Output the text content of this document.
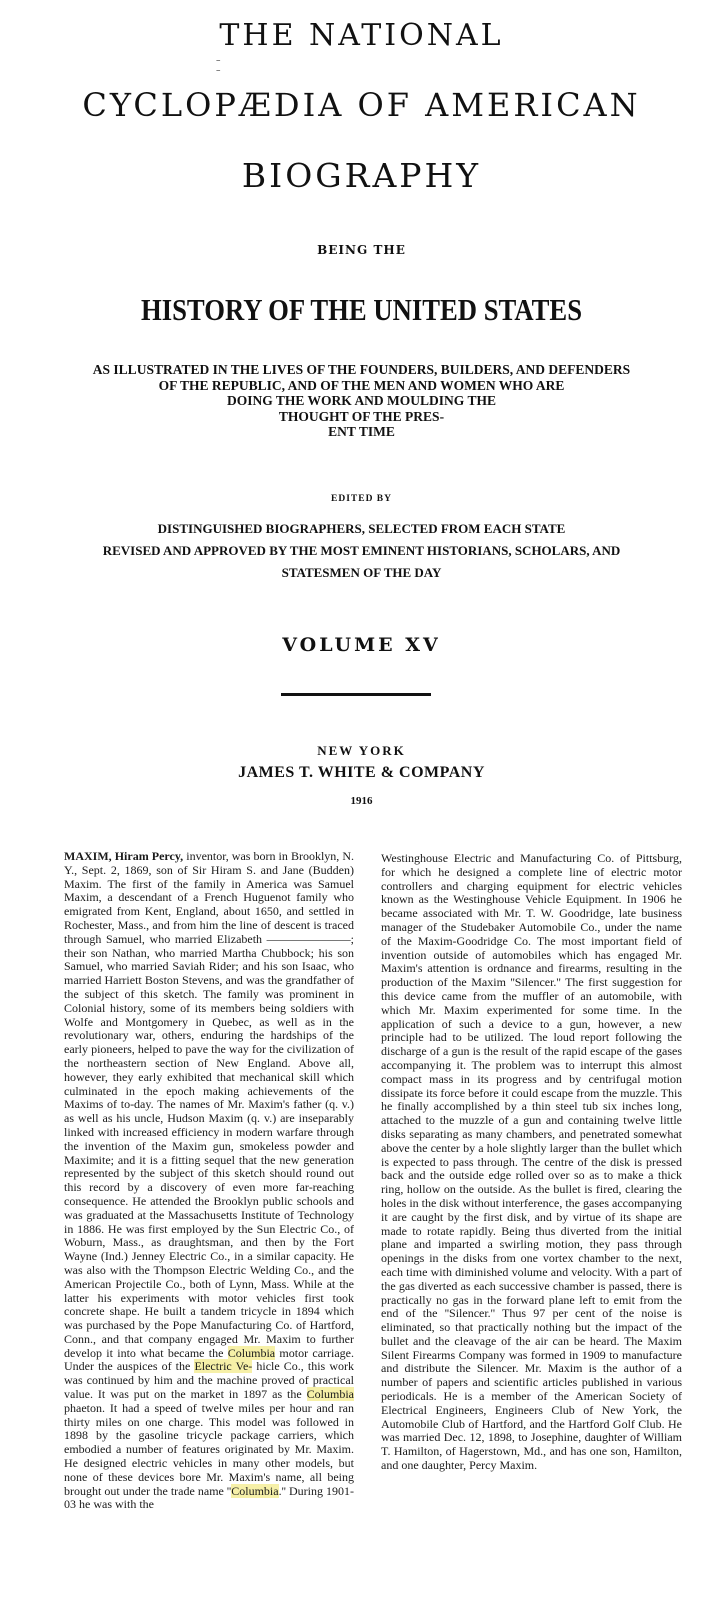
THE NATIONAL
–
–
CYCLOPÆDIA OF AMERICAN
BIOGRAPHY
BEING THE
HISTORY OF THE UNITED STATES
AS ILLUSTRATED IN THE LIVES OF THE FOUNDERS, BUILDERS, AND DEFENDERS
OF THE REPUBLIC, AND OF THE MEN AND WOMEN WHO ARE
DOING THE WORK AND MOULDING THE
THOUGHT OF THE PRES-
ENT TIME
EDITED BY
DISTINGUISHED BIOGRAPHERS, SELECTED FROM EACH STATE
REVISED AND APPROVED BY THE MOST EMINENT HISTORIANS, SCHOLARS, AND
STATESMEN OF THE DAY
VOLUME XV
NEW YORK
JAMES T. WHITE & COMPANY
1916

MAXIM, Hiram Percy, inventor, was born in Brooklyn, N. Y., Sept. 2, 1869, son of Sir Hiram S. and Jane (Budden) Maxim. The first of the family in America was Samuel Maxim, a descendant of a French Huguenot family who emigrated from Kent, England, about 1650, and settled in Rochester, Mass., and from him the line of descent is traced through Samuel, who married Elizabeth ———————; their son Nathan, who married Martha Chubbock; his son Samuel, who married Saviah Rider; and his son Isaac, who married Harriett Boston Stevens, and was the grandfather of the subject of this sketch. The family was prominent in Colonial history, some of its members being soldiers with Wolfe and Montgomery in Quebec, as well as in the revolutionary war, others, enduring the hardships of the early pioneers, helped to pave the way for the civilization of the northeastern section of New England. Above all, however, they early exhibited that mechanical skill which culminated in the epoch making achievements of the Maxims of to-day. The names of Mr. Maxim's father (q. v.) as well as his uncle, Hudson Maxim (q. v.) are inseparably linked with increased efficiency in modern warfare through the invention of the Maxim gun, smokeless powder and Maximite; and it is a fitting sequel that the new generation represented by the subject of this sketch should round out this record by a discovery of even more far-reaching consequence. He attended the Brooklyn public schools and was graduated at the Massachusetts Institute of Technology in 1886. He was first employed by the Sun Electric Co., of Woburn, Mass., as draughtsman, and then by the Fort Wayne (Ind.) Jenney Electric Co., in a similar capacity. He was also with the Thompson Electric Welding Co., and the American Projectile Co., both of Lynn, Mass. While at the latter his experiments with motor vehicles first took concrete shape. He built a tandem tricycle in 1894 which was purchased by the Pope Manufacturing Co. of Hartford, Conn., and that company engaged Mr. Maxim to further develop it into what became the Columbia motor carriage. Under the auspices of the Electric Ve- hicle Co., this work was continued by him and the machine proved of practical value. It was put on the market in 1897 as the Columbia phaeton. It had a speed of twelve miles per hour and ran thirty miles on one charge. This model was followed in 1898 by the gasoline tricycle package carriers, which embodied a number of features originated by Mr. Maxim. He designed electric vehicles in many other models, but none of these devices bore Mr. Maxim's name, all being brought out under the trade name ''Columbia.'' During 1901-03 he was with the

Westinghouse Electric and Manufacturing Co. of Pittsburg, for which he designed a complete line of electric motor controllers and charging equipment for electric vehicles known as the Westinghouse Vehicle Equipment. In 1906 he became associated with Mr. T. W. Goodridge, late business manager of the Studebaker Automobile Co., under the name of the Maxim-Goodridge Co. The most important field of invention outside of automobiles which has engaged Mr. Maxim's attention is ordnance and firearms, resulting in the production of the Maxim ''Silencer.'' The first suggestion for this device came from the muffler of an automobile, with which Mr. Maxim experimented for some time. In the application of such a device to a gun, however, a new principle had to be utilized. The loud report following the discharge of a gun is the result of the rapid escape of the gases accompanying it. The problem was to interrupt this almost compact mass in its progress and by centrifugal motion dissipate its force before it could escape from the muzzle. This he finally accomplished by a thin steel tub six inches long, attached to the muzzle of a gun and containing twelve little disks separating as many chambers, and penetrated somewhat above the center by a hole slightly larger than the bullet which is expected to pass through. The centre of the disk is pressed back and the outside edge rolled over so as to make a thick ring, hollow on the outside. As the bullet is fired, clearing the holes in the disk without interference, the gases accompanying it are caught by the first disk, and by virtue of its shape are made to rotate rapidly. Being thus diverted from the initial plane and imparted a swirling motion, they pass through openings in the disks from one vortex chamber to the next, each time with diminished volume and velocity. With a part of the gas diverted as each successive chamber is passed, there is practically no gas in the forward plane left to emit from the end of the ''Silencer.'' Thus 97 per cent of the noise is eliminated, so that practically nothing but the impact of the bullet and the cleavage of the air can be heard. The Maxim Silent Firearms Company was formed in 1909 to manufacture and distribute the Silencer. Mr. Maxim is the author of a number of papers and scientific articles published in various periodicals. He is a member of the American Society of Electrical Engineers, Engineers Club of New York, the Automobile Club of Hartford, and the Hartford Golf Club. He was married Dec. 12, 1898, to Josephine, daughter of William T. Hamilton, of Hagerstown, Md., and has one son, Hamilton, and one daughter, Percy Maxim.
